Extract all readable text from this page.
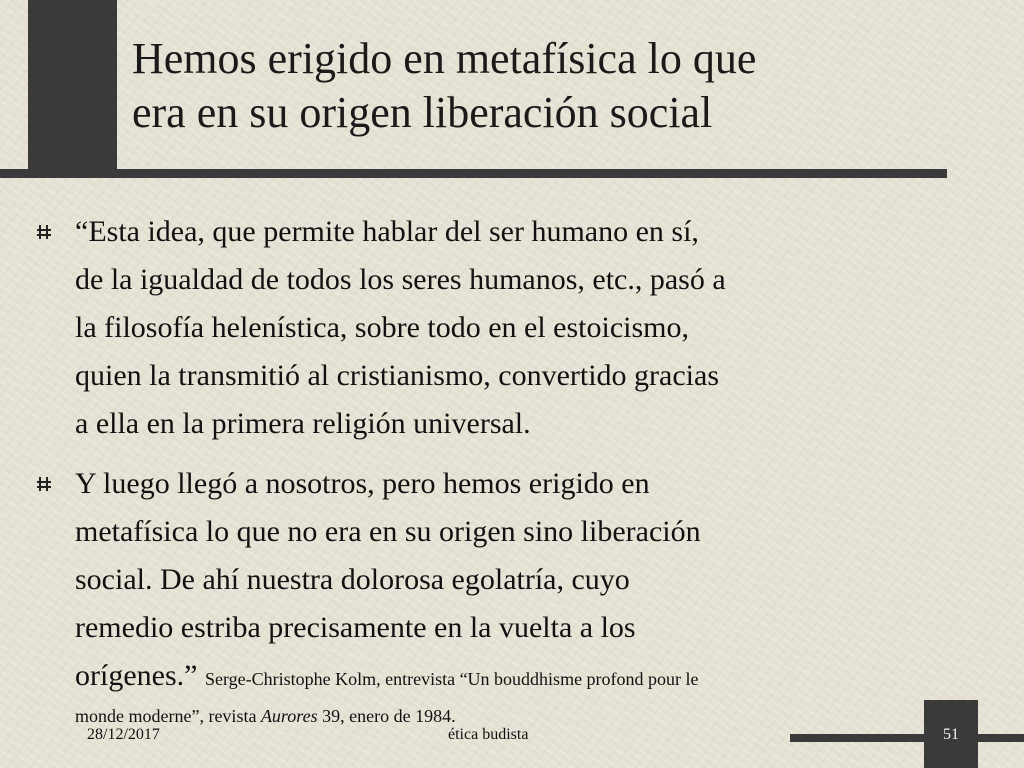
Hemos erigido en metafísica lo que
era en su origen liberación social
“Esta idea, que permite hablar del ser humano en sí,
de la igualdad de todos los seres humanos, etc., pasó a
la filosofía helenística, sobre todo en el estoicismo,
quien la transmitió al cristianismo, convertido gracias
a ella en la primera religión universal.
Y luego llegó a nosotros, pero hemos erigido en
metafísica lo que no era en su origen sino liberación
social. De ahí nuestra dolorosa egolatría, cuyo
remedio estriba precisamente en la vuelta a los
orígenes.” Serge-Christophe Kolm, entrevista “Un bouddhisme profond pour le
monde moderne”, revista Aurores 39, enero de 1984.
28/12/2017	ética budista	51
